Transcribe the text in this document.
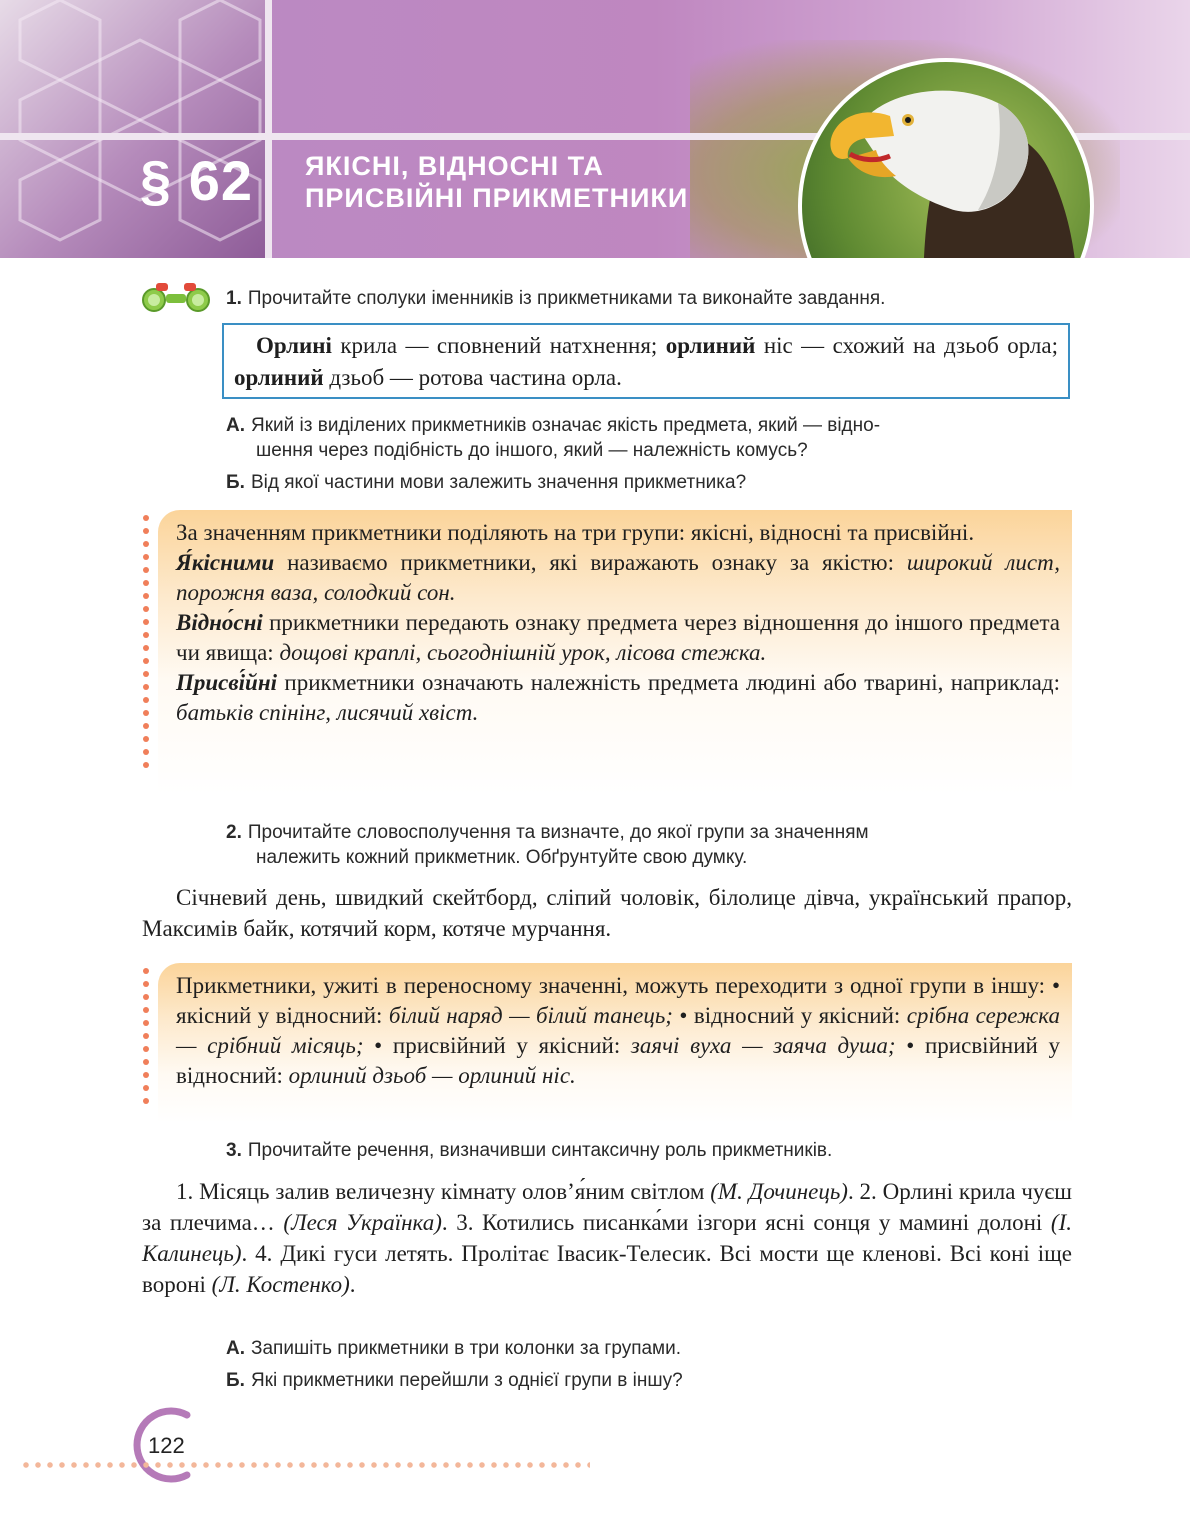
§ 62 ЯКІСНІ, ВІДНОСНІ ТА
ПРИСВІЙНІ ПРИКМЕТНИКИ
1. Прочитайте сполуки іменників із прикметниками та виконайте завдання.
Орлині крила — сповнений натхнення; орлиний ніс — схожий на дзьоб орла; орлиний дзьоб — ротова частина орла.
А. Який із виділених прикметників означає якість предмета, який — відно-
шення через подібність до іншого, який — належність комусь?
Б. Від якої частини мови залежить значення прикметника?
За значенням прикметники поділяють на три групи: якісні, відносні та присвійні.
Я́кісними називаємо прикметники, які виражають ознаку за якістю: широкий лист, порожня ваза, солодкий сон.
Відно́сні прикметники передають ознаку предмета через відношення до іншого предмета чи явища: дощові краплі, сьогоднішній урок, лісова стежка.
Присві́йні прикметники означають належність предмета людині або тварині, наприклад: батьків спінінг, лисячий хвіст.
2. Прочитайте словосполучення та визначте, до якої групи за значенням
належить кожний прикметник. Обґрунтуйте свою думку.
Січневий день, швидкий скейтборд, сліпий чоловік, білолице дівча, український прапор, Максимів байк, котячий корм, котяче мурчання.
Прикметники, ужиті в переносному значенні, можуть переходити з одної групи в іншу: • якісний у відносний: білий наряд — білий танець; • відносний у якісний: срібна сережка — срібний місяць; • присвійний у якісний: заячі вуха — заяча душа; • присвійний у відносний: орлиний дзьоб — орлиний ніс.
3. Прочитайте речення, визначивши синтаксичну роль прикметників.
1. Місяць залив величезну кімнату олов’я́ним світлом (М. Дочинець). 2. Орлині крила чуєш за плечима… (Леся Українка). 3. Котились писанка́ми ізгори ясні сонця у мамині долоні (І. Калинець). 4. Дикі гуси летять. Пролітає Івасик-Телесик. Всі мости ще кленові. Всі коні іще вороні (Л. Костенко).
А. Запишіть прикметники в три колонки за групами.
Б. Які прикметники перейшли з однієї групи в іншу?
122
